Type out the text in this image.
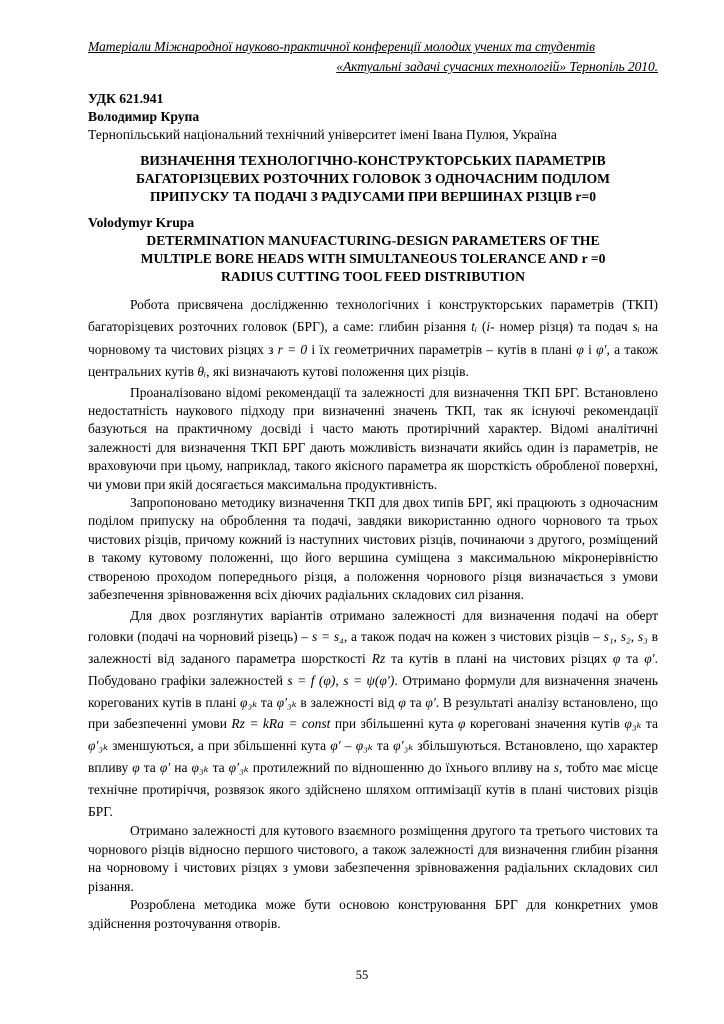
Матеріали Міжнародної науково-практичної конференції молодих учених та студентів
«Актуальні задачі сучасних технологій» Тернопіль 2010.
УДК 621.941
Володимир Крупа
Тернопільський національний технічний університет імені Івана Пулюя, Україна
ВИЗНАЧЕННЯ ТЕХНОЛОГІЧНО-КОНСТРУКТОРСЬКИХ ПАРАМЕТРІВ
БАГАТОРІЗЦЕВИХ РОЗТОЧНИХ ГОЛОВОК З ОДНОЧАСНИМ ПОДІЛОМ
ПРИПУСКУ ТА ПОДАЧІ З РАДІУСАМИ ПРИ ВЕРШИНАХ РІЗЦІВ r=0
Volodymyr Krupa
DETERMINATION MANUFACTURING-DESIGN PARAMETERS OF THE
MULTIPLE BORE HEADS WITH SIMULTANEOUS TOLERANCE AND r =0
RADIUS CUTTING TOOL FEED DISTRIBUTION

Робота присвячена дослідженню технологічних і конструкторських параметрів (ТКП) багаторізцевих розточних головок (БРГ), а саме: глибин різання tᵢ (i- номер різця) та подач sᵢ на чорновому та чистових різцях з r = 0 і їх геометричних параметрів – кутів в плані φ і φ′, а також центральних кутів θᵢ, які визначають кутові положення цих різців.

Проаналізовано відомі рекомендації та залежності для визначення ТКП БРГ. Встановлено недостатність наукового підходу при визначенні значень ТКП, так як існуючі рекомендації базуються на практичному досвіді і часто мають протирічний характер. Відомі аналітичні залежності для визначення ТКП БРГ дають можливість визначати якийсь один із параметрів, не враховуючи при цьому, наприклад, такого якісного параметра як шорсткість обробленої поверхні, чи умови при якій досягається максимальна продуктивність.

Запропоновано методику визначення ТКП для двох типів БРГ, які працюють з одночасним поділом припуску на оброблення та подачі, завдяки використанню одного чорнового та трьох чистових різців, причому кожний із наступних чистових різців, починаючи з другого, розміщений в такому кутовому положенні, що його вершина суміщена з максимальною мікронерівністю створеною проходом попереднього різця, а положення чорнового різця визначається з умови забезпечення зрівноваження всіх діючих радіальних складових сил різання.

Для двох розглянутих варіантів отримано залежності для визначення подачі на оберт головки (подачі на чорновий різець) – s = s₄, а також подач на кожен з чистових різців – s₁, s₂, s₃ в залежності від заданого параметра шорсткості Rz та кутів в плані на чистових різцях φ та φ′. Побудовано графіки залежностей s = f (φ), s = ψ(φ′). Отримано формули для визначення значень корегованих кутів в плані φ₃ₖ та φ′₃ₖ в залежності від φ та φ′. В результаті аналізу встановлено, що при забезпеченні умови Rz = kRa = const при збільшенні кута φ кореговані значення кутів φ₃ₖ та φ′₃ₖ зменшуються, а при збільшенні кута φ′ – φ₃ₖ та φ′₃ₖ збільшуються. Встановлено, що характер впливу φ та φ′ на φ₃ₖ та φ′₃ₖ протилежний по відношенню до їхнього впливу на s, тобто має місце технічне протиріччя, розвязок якого здійснено шляхом оптимізації кутів в плані чистових різців БРГ.

Отримано залежності для кутового взаємного розміщення другого та третього чистових та чорнового різців відносно першого чистового, а також залежності для визначення глибин різання на чорновому і чистових різцях з умови забезпечення зрівноваження радіальних складових сил різання.

Розроблена методика може бути основою конструювання БРГ для конкретних умов здійснення розточування отворів.

55
